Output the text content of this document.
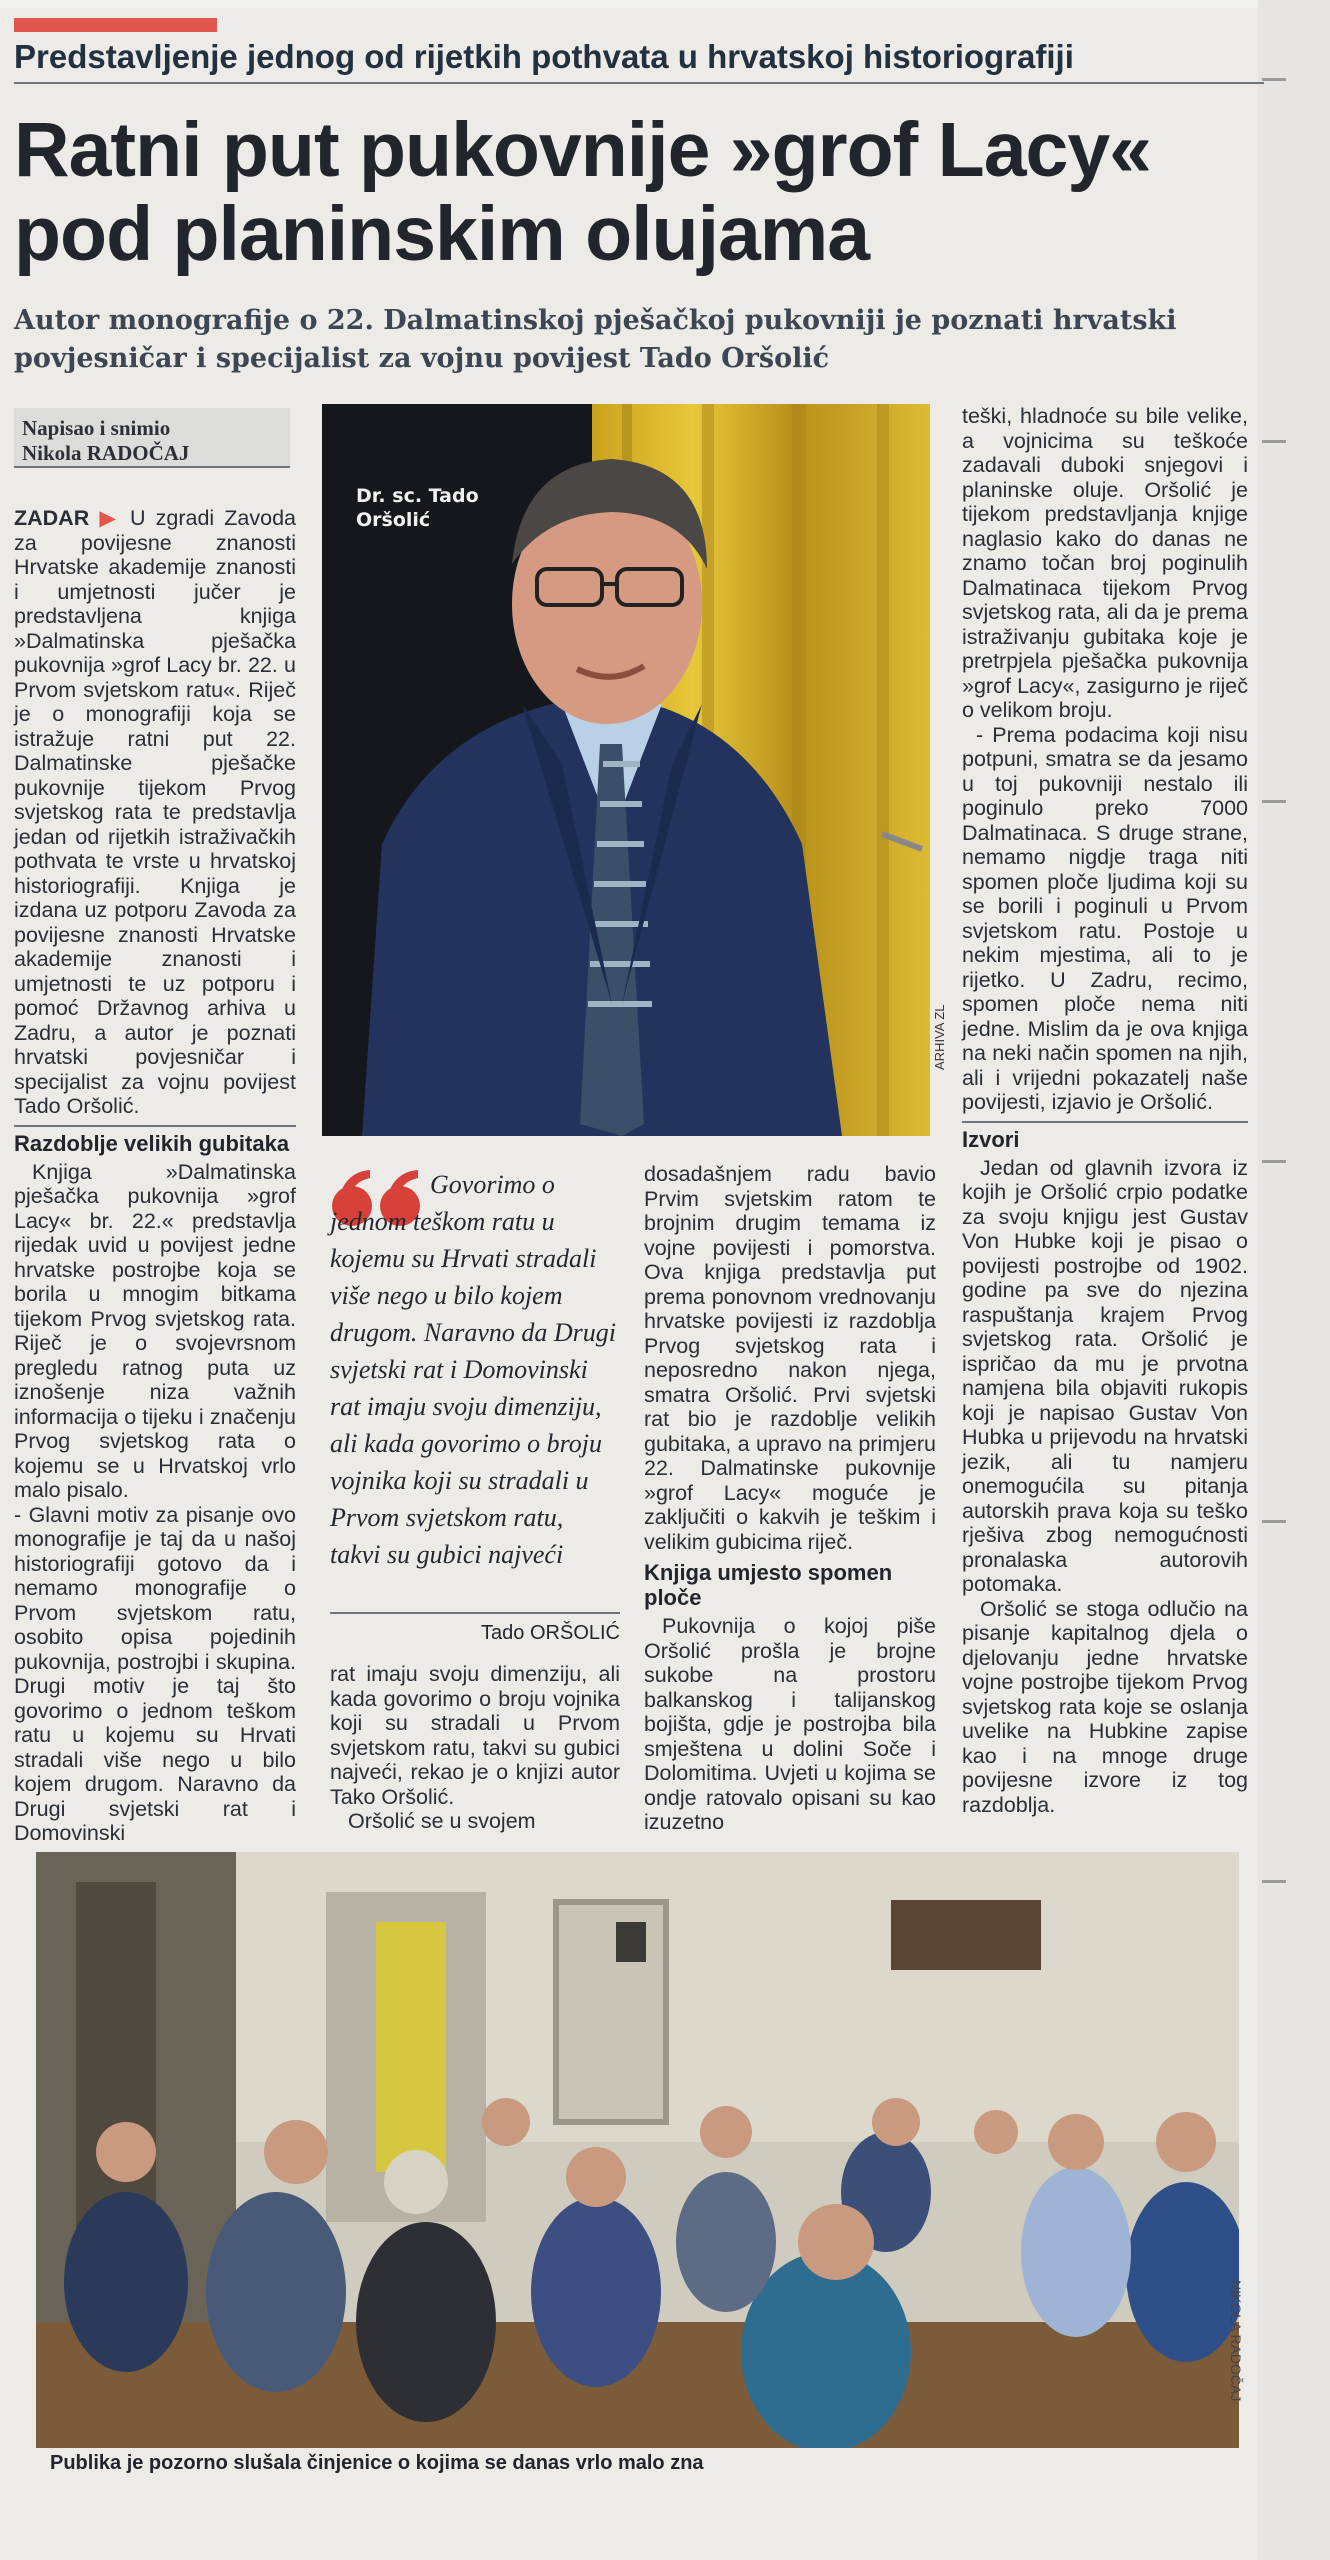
Predstavljenje jednog od rijetkih pothvata u hrvatskoj historiografiji
Ratni put pukovnije »grof Lacy« pod planinskim olujama
Autor monografije o 22. Dalmatinskoj pješačkoj pukovniji je poznati hrvatski povjesničar i specijalist za vojnu povijest Tado Oršolić
Napisao i snimio
Nikola RADOČAJ
Dr. sc. Tado Oršolić
ARHIVA ZL

ZADAR ▶ U zgradi Zavoda za povijesne znanosti Hrvatske akademije znanosti i umjetnosti jučer je predstavljena knjiga »Dalmatinska pješačka pukovnija »grof Lacy br. 22. u Prvom svjetskom ratu«. Riječ je o monografiji koja se istražuje ratni put 22. Dalmatinske pješačke pukovnije tijekom Prvog svjetskog rata te predstavlja jedan od rijetkih istraživačkih pothvata te vrste u hrvatskoj historiografiji. Knjiga je izdana uz potporu Zavoda za povijesne znanosti Hrvatske akademije znanosti i umjetnosti te uz potporu i pomoć Državnog arhiva u Zadru, a autor je poznati hrvatski povjesničar i specijalist za vojnu povijest Tado Oršolić.

Razdoblje velikih gubitaka

Knjiga »Dalmatinska pješačka pukovnija »grof Lacy« br. 22.« predstavlja rijedak uvid u povijest jedne hrvatske postrojbe koja se borila u mnogim bitkama tijekom Prvog svjetskog rata. Riječ je o svojevrsnom pregledu ratnog puta uz iznošenje niza važnih informacija o tijeku i značenju Prvog svjetskog rata o kojemu se u Hrvatskoj vrlo malo pisalo.

- Glavni motiv za pisanje ovo monografije je taj da u našoj historiografiji gotovo da i nemamo monografije o Prvom svjetskom ratu, osobito opisa pojedinih pukovnija, postrojbi i skupina. Drugi motiv je taj što govorimo o jednom teškom ratu u kojemu su Hrvati stradali više nego u bilo kojem drugom. Naravno da Drugi svjetski rat i Domovinski

Govorimo o jednom teškom ratu u kojemu su Hrvati stradali više nego u bilo kojem drugom. Naravno da Drugi svjetski rat i Domovinski rat imaju svoju dimenziju, ali kada govorimo o broju vojnika koji su stradali u Prvom svjetskom ratu, takvi su gubici najveći
Tado ORŠOLIĆ

rat imaju svoju dimenziju, ali kada govorimo o broju vojnika koji su stradali u Prvom svjetskom ratu, takvi su gubici najveći, rekao je o knjizi autor Tako Oršolić.

Oršolić se u svojem

dosadašnjem radu bavio Prvim svjetskim ratom te brojnim drugim temama iz vojne povijesti i pomorstva. Ova knjiga predstavlja put prema ponovnom vrednovanju hrvatske povijesti iz razdoblja Prvog svjetskog rata i neposredno nakon njega, smatra Oršolić. Prvi svjetski rat bio je razdoblje velikih gubitaka, a upravo na primjeru 22. Dalmatinske pukovnije »grof Lacy« moguće je zaključiti o kakvih je teškim i velikim gubicima riječ.

Knjiga umjesto spomen ploče

Pukovnija o kojoj piše Oršolić prošla je brojne sukobe na prostoru balkanskog i talijanskog bojišta, gdje je postrojba bila smještena u dolini Soče i Dolomitima. Uvjeti u kojima se ondje ratovalo opisani su kao izuzetno

teški, hladnoće su bile velike, a vojnicima su teškoće zadavali duboki snjegovi i planinske oluje. Oršolić je tijekom predstavljanja knjige naglasio kako do danas ne znamo točan broj poginulih Dalmatinaca tijekom Prvog svjetskog rata, ali da je prema istraživanju gubitaka koje je pretrpjela pješačka pukovnija »grof Lacy«, zasigurno je riječ o velikom broju.

- Prema podacima koji nisu potpuni, smatra se da jesamo u toj pukovniji nestalo ili poginulo preko 7000 Dalmatinaca. S druge strane, nemamo nigdje traga niti spomen ploče ljudima koji su se borili i poginuli u Prvom svjetskom ratu. Postoje u nekim mjestima, ali to je rijetko. U Zadru, recimo, spomen ploče nema niti jedne. Mislim da je ova knjiga na neki način spomen na njih, ali i vrijedni pokazatelj naše povijesti, izjavio je Oršolić.

Izvori

Jedan od glavnih izvora iz kojih je Oršolić crpio podatke za svoju knjigu jest Gustav Von Hubke koji je pisao o povijesti postrojbe od 1902. godine pa sve do njezina raspuštanja krajem Prvog svjetskog rata. Oršolić je ispričao da mu je prvotna namjena bila objaviti rukopis koji je napisao Gustav Von Hubka u prijevodu na hrvatski jezik, ali tu namjeru onemogućila su pitanja autorskih prava koja su teško rješiva zbog nemogućnosti pronalaska autorovih potomaka.

Oršolić se stoga odlučio na pisanje kapitalnog djela o djelovanju jedne hrvatske vojne postrojbe tijekom Prvog svjetskog rata koje se oslanja uvelike na Hubkine zapise kao i na mnoge druge povijesne izvore iz tog razdoblja.

NIKOLA RADOČAJ
Publika je pozorno slušala činjenice o kojima se danas vrlo malo zna
